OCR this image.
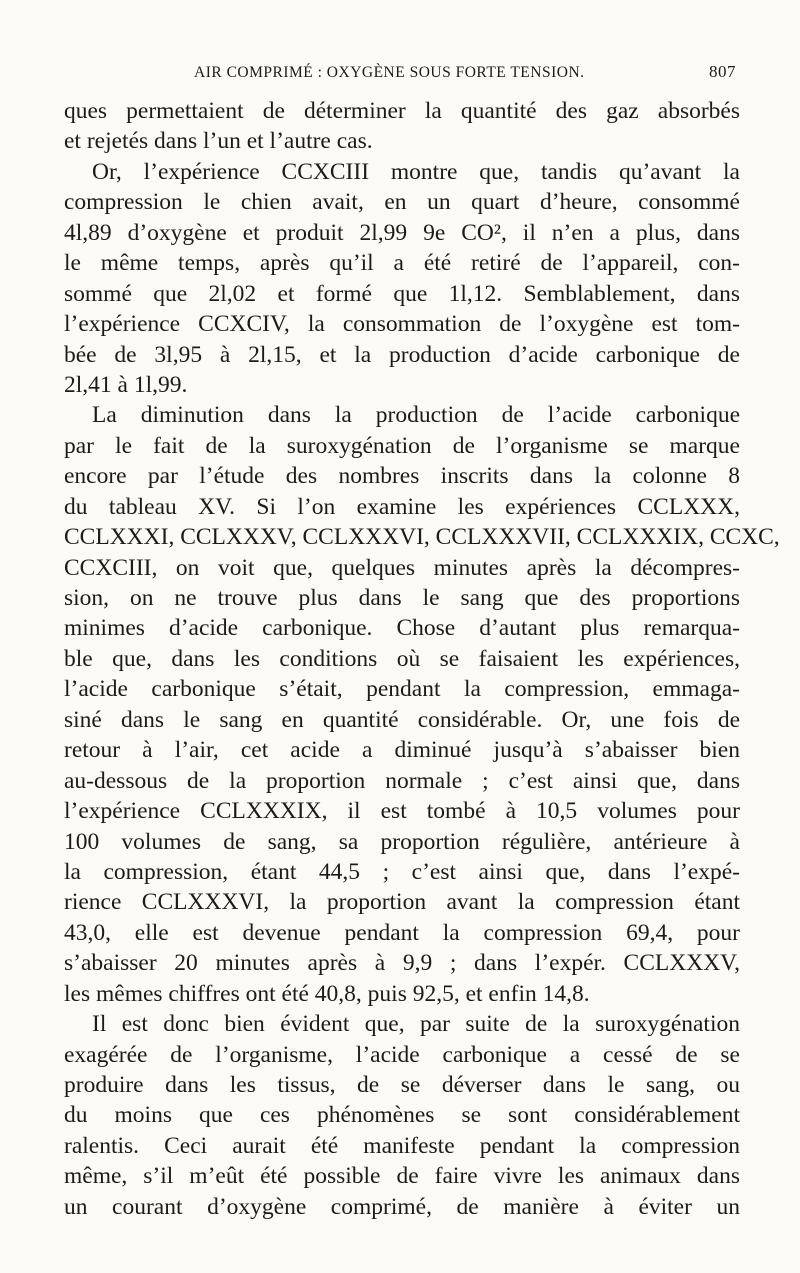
AIR COMPRIMÉ : OXYGÈNE SOUS FORTE TENSION.	807
ques permettaient de déterminer la quantité des gaz absorbés
et rejetés dans l’un et l’autre cas.
Or, l’expérience CCXCIII montre que, tandis qu’avant la
compression le chien avait, en un quart d’heure, consommé
4l,89 d’oxygène et produit 2l,99 9e CO², il n’en a plus, dans
le même temps, après qu’il a été retiré de l’appareil, con-
sommé que 2l,02 et formé que 1l,12. Semblablement, dans
l’expérience CCXCIV, la consommation de l’oxygène est tom-
bée de 3l,95 à 2l,15, et la production d’acide carbonique de
2l,41 à 1l,99.
La diminution dans la production de l’acide carbonique
par le fait de la suroxygénation de l’organisme se marque
encore par l’étude des nombres inscrits dans la colonne 8
du tableau XV. Si l’on examine les expériences CCLXXX,
CCLXXXI, CCLXXXV, CCLXXXVI, CCLXXXVII, CCLXXXIX, CCXC,
CCXCIII, on voit que, quelques minutes après la décompres-
sion, on ne trouve plus dans le sang que des proportions
minimes d’acide carbonique. Chose d’autant plus remarqua-
ble que, dans les conditions où se faisaient les expériences,
l’acide carbonique s’était, pendant la compression, emmaga-
siné dans le sang en quantité considérable. Or, une fois de
retour à l’air, cet acide a diminué jusqu’à s’abaisser bien
au-dessous de la proportion normale ; c’est ainsi que, dans
l’expérience CCLXXXIX, il est tombé à 10,5 volumes pour
100 volumes de sang, sa proportion régulière, antérieure à
la compression, étant 44,5 ; c’est ainsi que, dans l’expé-
rience CCLXXXVI, la proportion avant la compression étant
43,0, elle est devenue pendant la compression 69,4, pour
s’abaisser 20 minutes après à 9,9 ; dans l’expér. CCLXXXV,
les mêmes chiffres ont été 40,8, puis 92,5, et enfin 14,8.
Il est donc bien évident que, par suite de la suroxygénation
exagérée de l’organisme, l’acide carbonique a cessé de se
produire dans les tissus, de se déverser dans le sang, ou
du moins que ces phénomènes se sont considérablement
ralentis. Ceci aurait été manifeste pendant la compression
même, s’il m’eût été possible de faire vivre les animaux dans
un courant d’oxygène comprimé, de manière à éviter un
